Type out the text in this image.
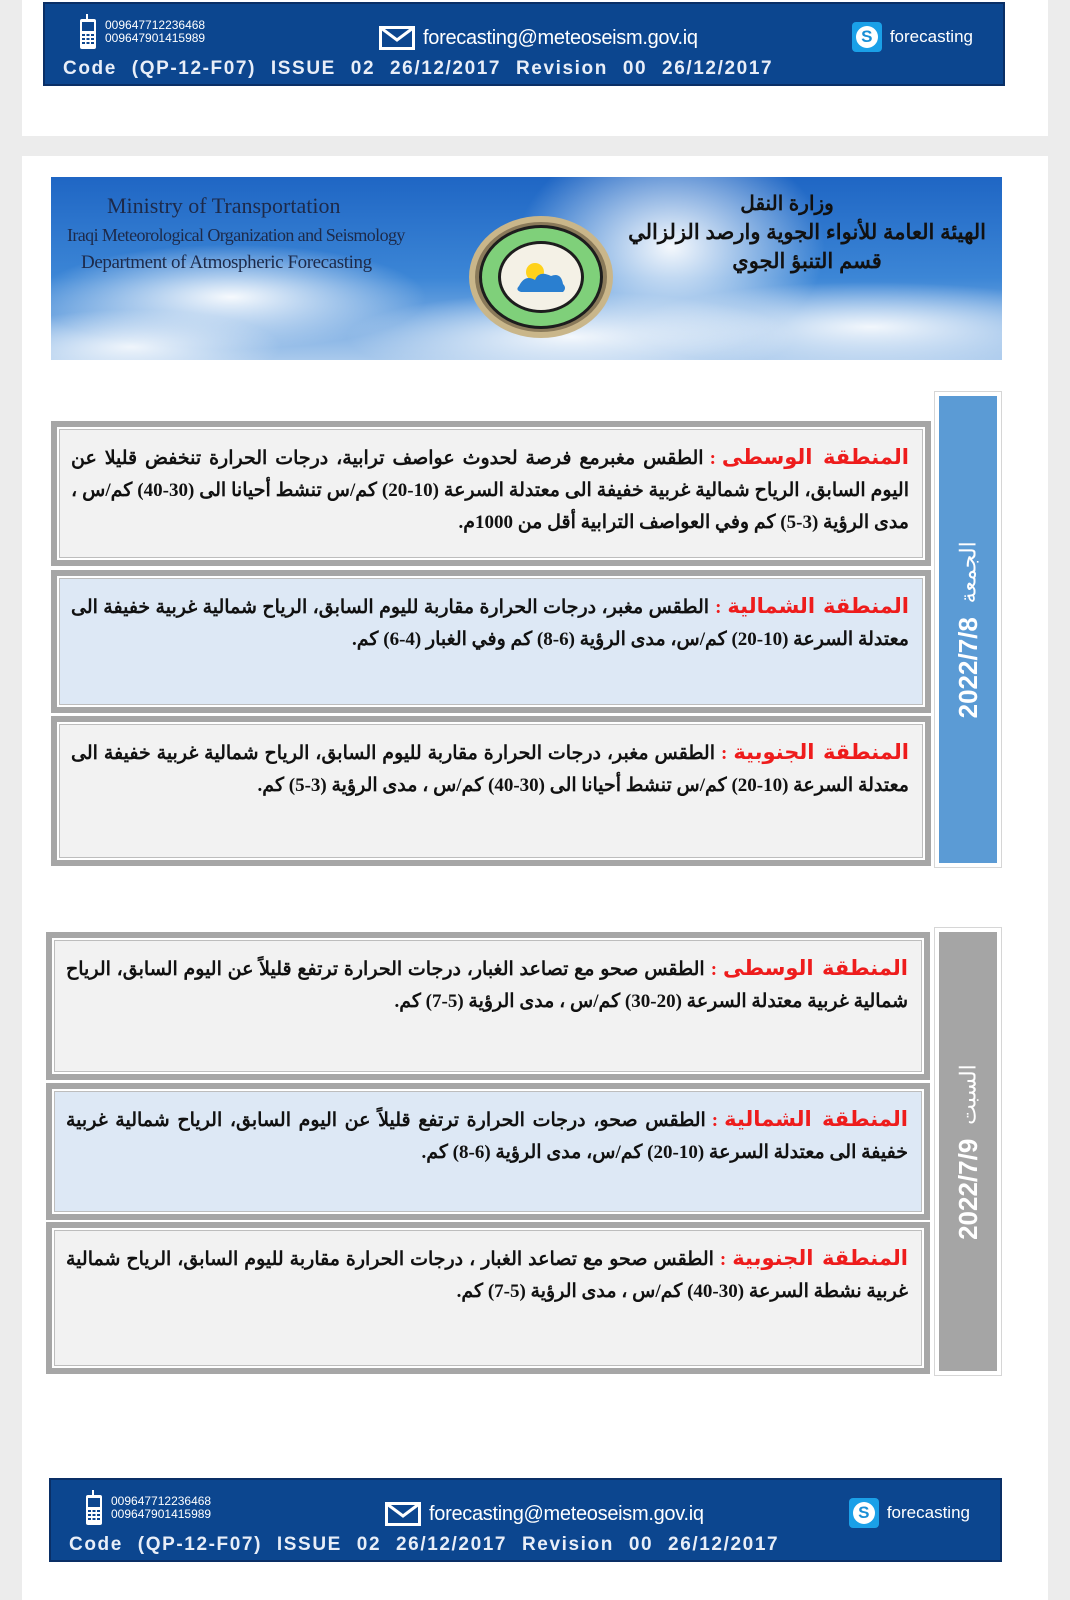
009647712236468
009647901415989	forecasting@meteoseism.gov.iq	S	forecasting
Code (QP-12-F07) ISSUE 02 26/12/2017 Revision 00 26/12/2017
Ministry of Transportation
Iraqi Meteorological Organization and Seismology
Department of Atmospheric Forecasting
وزارة النقل
الهيئة العامة للأنواء الجوية وارصد الزلزالي
قسم التنبؤ الجوي
2022/7/8
الجمعة
المنطقة الوسطى:الطقس مغبرمع فرصة لحدوث عواصف ترابية، درجات الحرارة تنخفض قليلا عن اليوم السابق، الرياح شمالية غربية خفيفة الى معتدلة السرعة (10-20) كم/س تنشط أحيانا الى (30-40) كم/س ، مدى الرؤية (3-5) كم وفي العواصف الترابية أقل من 1000م.
المنطقة الشمالية:الطقس مغبر، درجات الحرارة مقاربة لليوم السابق، الرياح شمالية غربية خفيفة الى معتدلة السرعة (10-20) كم/س، مدى الرؤية (6-8) كم وفي الغبار (4-6) كم.
المنطقة الجنوبية:الطقس مغبر، درجات الحرارة مقاربة لليوم السابق، الرياح شمالية غربية خفيفة الى معتدلة السرعة (10-20) كم/س تنشط أحيانا الى (30-40) كم/س ، مدى الرؤية (3-5) كم.
2022/7/9
السبت
المنطقة الوسطى:الطقس صحو مع تصاعد الغبار، درجات الحرارة ترتفع قليلاً عن اليوم السابق، الرياح شمالية غربية معتدلة السرعة (20-30) كم/س ، مدى الرؤية (5-7) كم.
المنطقة الشمالية:الطقس صحو، درجات الحرارة ترتفع قليلاً عن اليوم السابق، الرياح شمالية غربية خفيفة الى معتدلة السرعة (10-20) كم/س، مدى الرؤية (6-8) كم.
المنطقة الجنوبية:الطقس صحو مع تصاعد الغبار ، درجات الحرارة مقاربة لليوم السابق، الرياح شمالية غربية نشطة السرعة (30-40) كم/س ، مدى الرؤية (5-7) كم.
009647712236468
009647901415989	forecasting@meteoseism.gov.iq	S	forecasting
Code (QP-12-F07) ISSUE 02 26/12/2017 Revision 00 26/12/2017
